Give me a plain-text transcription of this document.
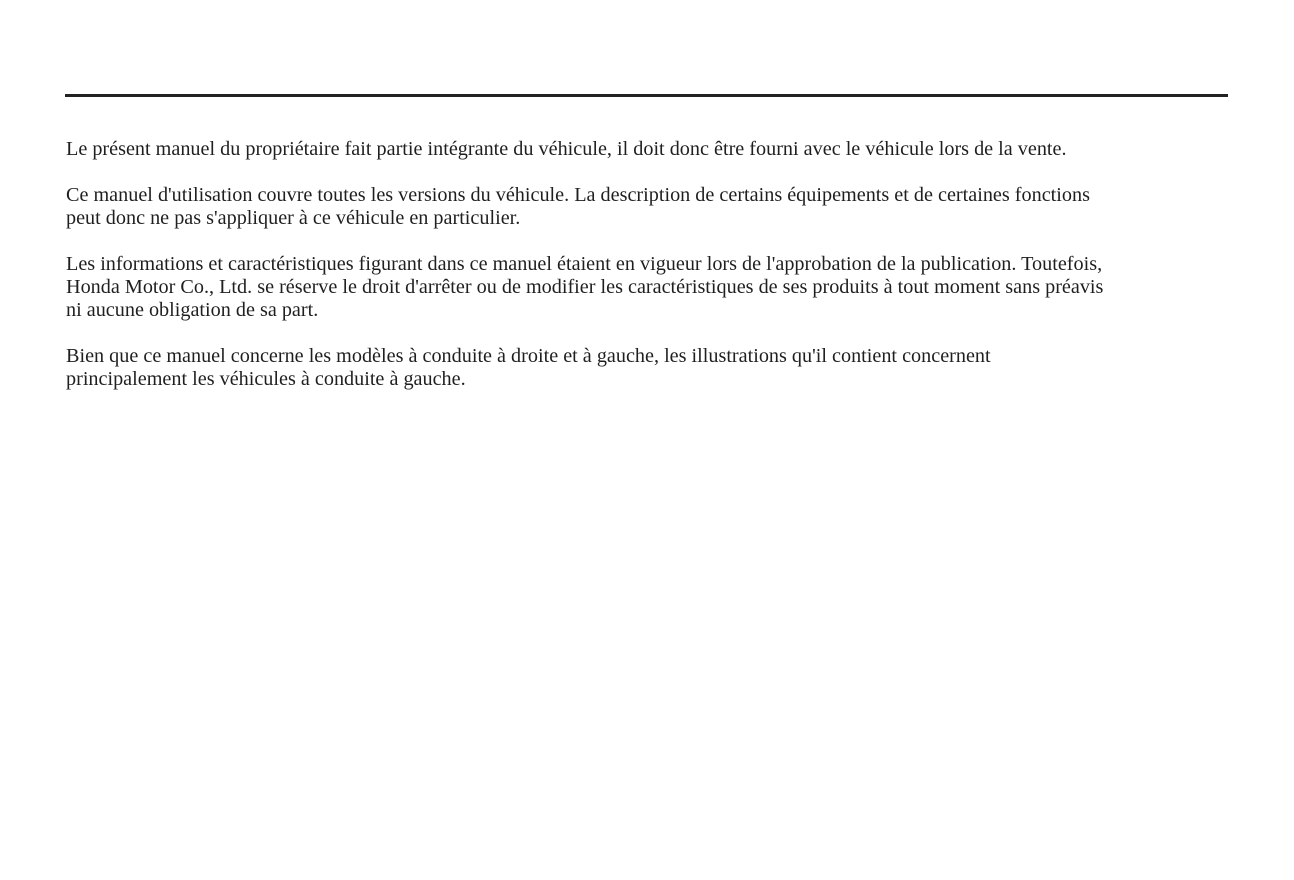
Le présent manuel du propriétaire fait partie intégrante du véhicule, il doit donc être fourni avec le véhicule lors de la vente.

Ce manuel d'utilisation couvre toutes les versions du véhicule. La description de certains équipements et de certaines fonctions
peut donc ne pas s'appliquer à ce véhicule en particulier.

Les informations et caractéristiques figurant dans ce manuel étaient en vigueur lors de l'approbation de la publication. Toutefois,
Honda Motor Co., Ltd. se réserve le droit d'arrêter ou de modifier les caractéristiques de ses produits à tout moment sans préavis
ni aucune obligation de sa part.

Bien que ce manuel concerne les modèles à conduite à droite et à gauche, les illustrations qu'il contient concernent
principalement les véhicules à conduite à gauche.
